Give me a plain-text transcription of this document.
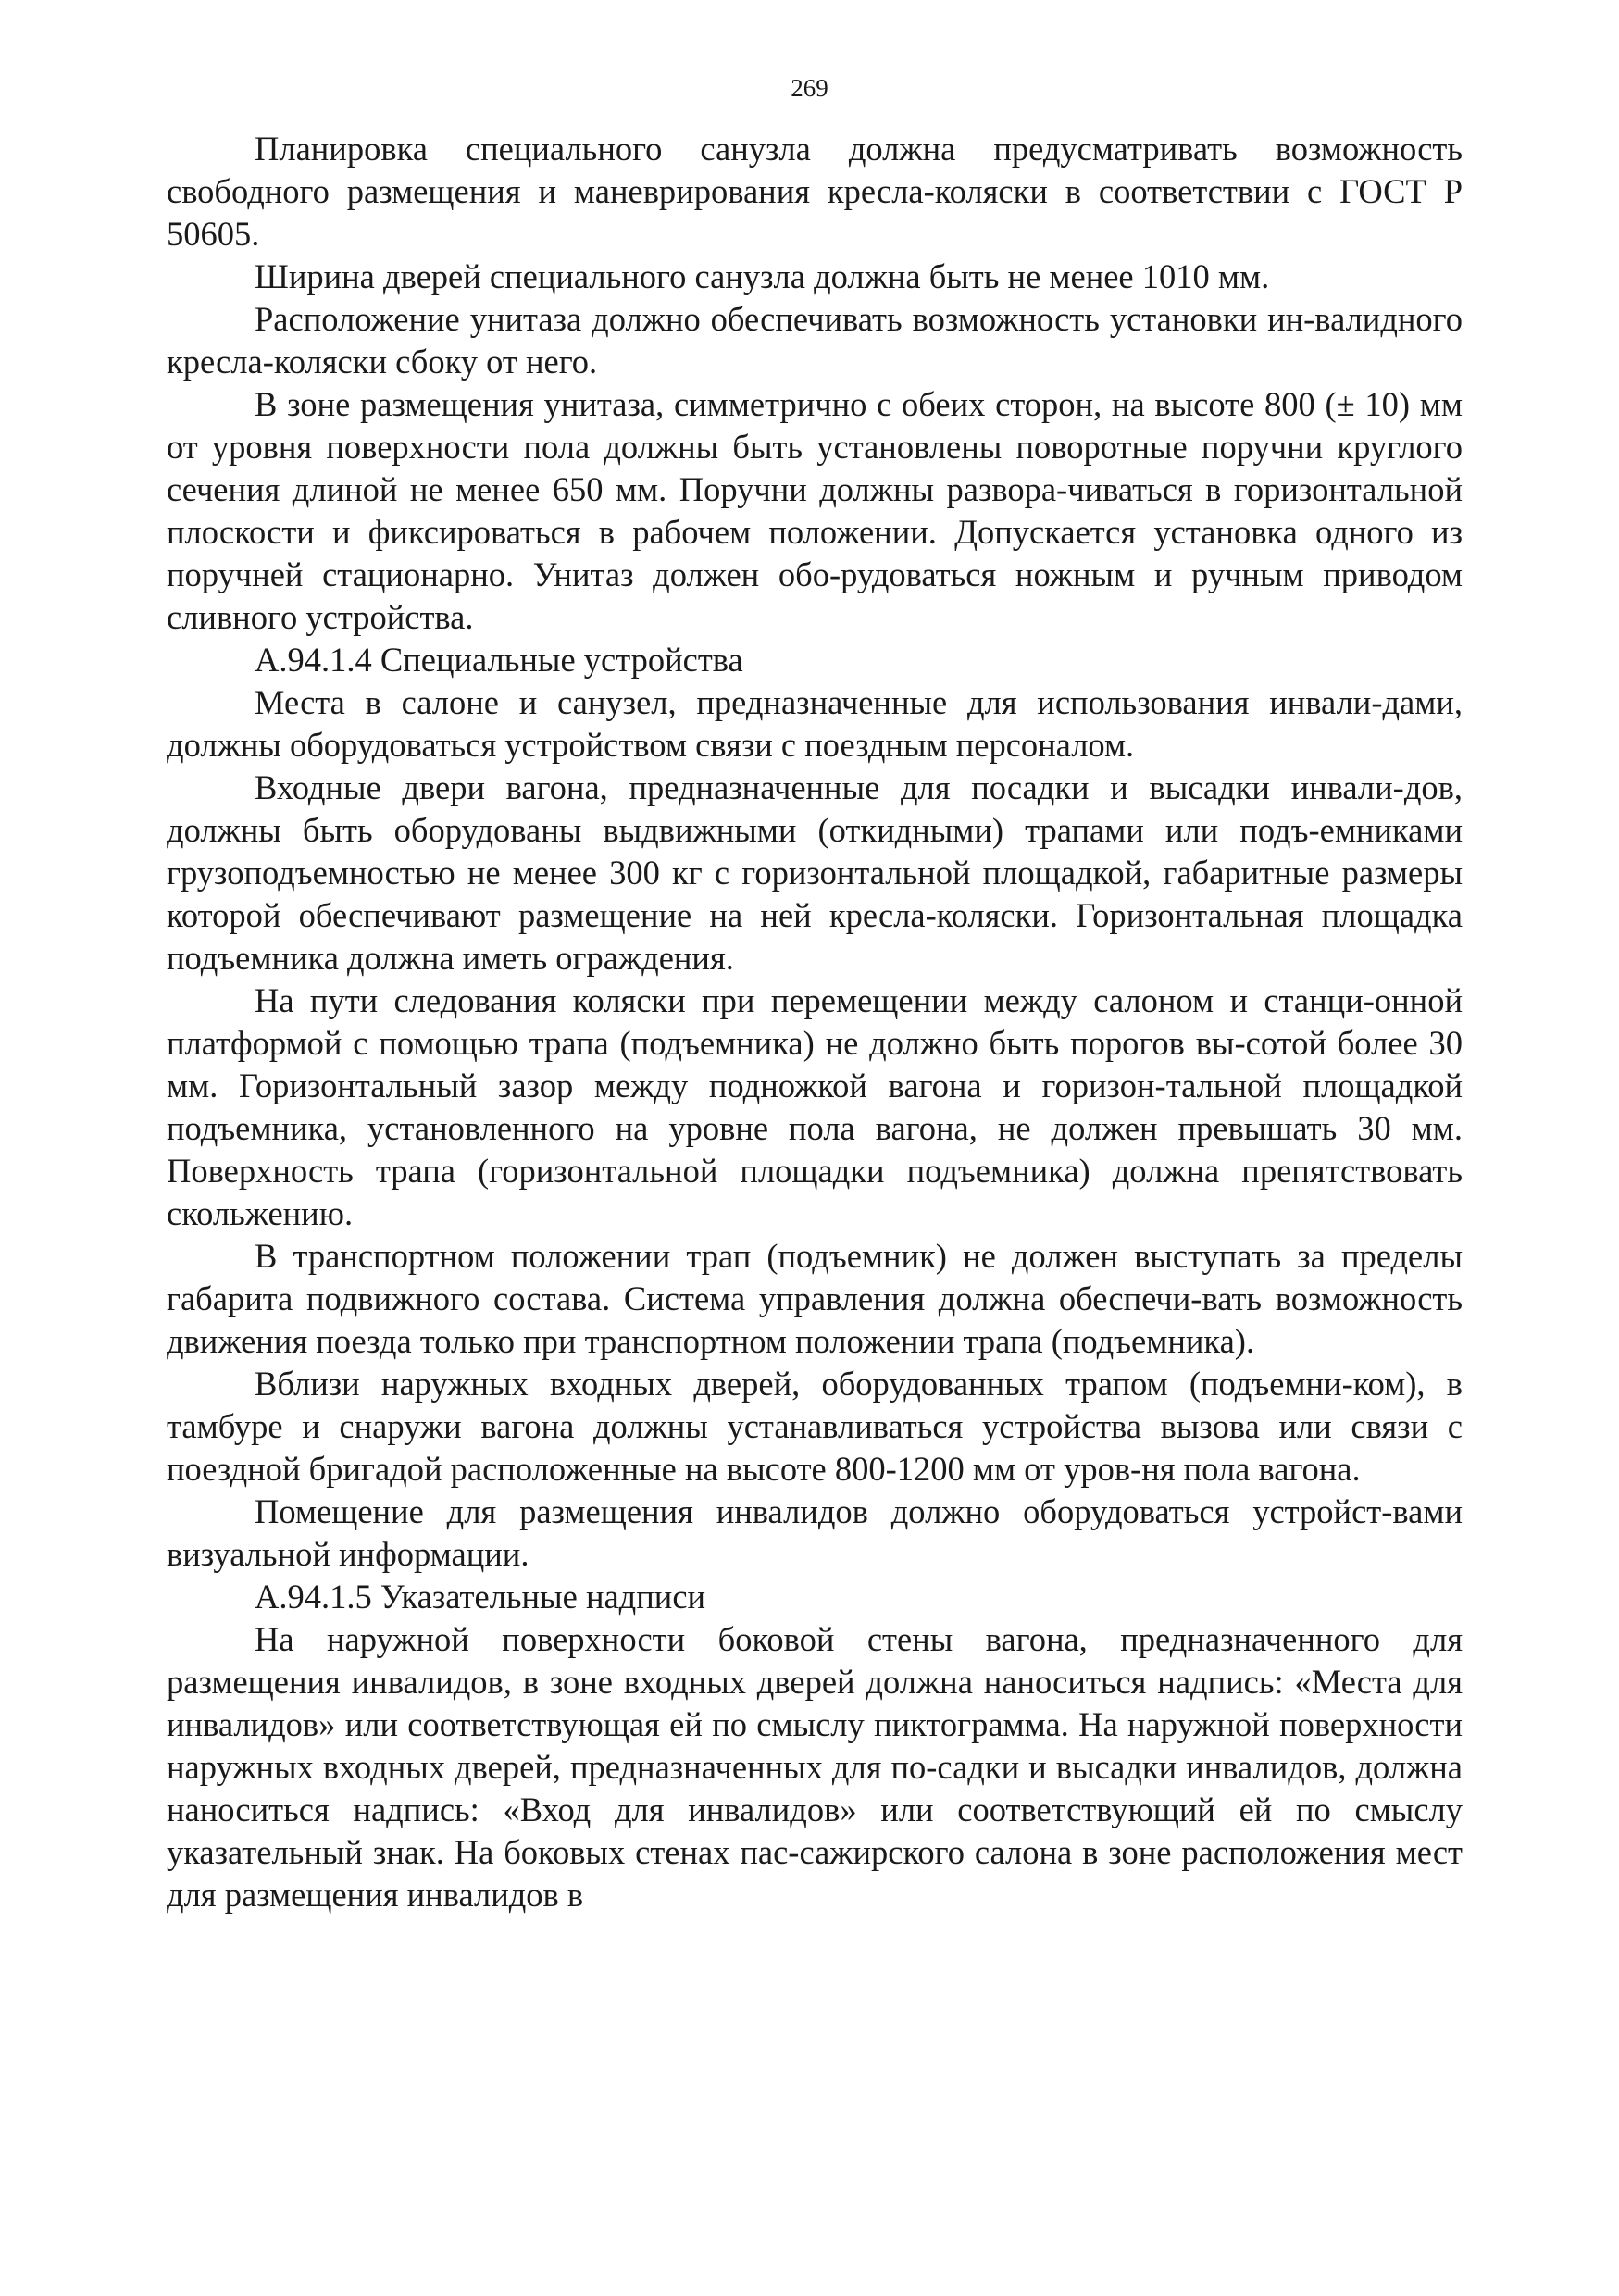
269

Планировка специального санузла должна предусматривать возможность свободного размещения и маневрирования кресла-коляски в соответствии с ГОСТ Р 50605.

Ширина дверей специального санузла должна быть не менее 1010 мм.

Расположение унитаза должно обеспечивать возможность установки ин-валидного кресла-коляски сбоку от него.

В зоне размещения унитаза, симметрично с обеих сторон, на высоте 800 (± 10) мм от уровня поверхности пола должны быть установлены поворотные поручни круглого сечения длиной не менее 650 мм. Поручни должны развора-чиваться в горизонтальной плоскости и фиксироваться в рабочем положении. Допускается установка одного из поручней стационарно. Унитаз должен обо-рудоваться ножным и ручным приводом сливного устройства.

А.94.1.4 Специальные устройства

Места в салоне и санузел, предназначенные для использования инвали-дами, должны оборудоваться устройством связи с поездным персоналом.

Входные двери вагона, предназначенные для посадки и высадки инвали-дов, должны быть оборудованы выдвижными (откидными) трапами или подъ-емниками грузоподъемностью не менее 300 кг с горизонтальной площадкой, габаритные размеры которой обеспечивают размещение на ней кресла-коляски. Горизонтальная площадка подъемника должна иметь ограждения.

На пути следования коляски при перемещении между салоном и станци-онной платформой с помощью трапа (подъемника) не должно быть порогов вы-сотой более 30 мм. Горизонтальный зазор между подножкой вагона и горизон-тальной площадкой подъемника, установленного на уровне пола вагона, не должен превышать 30 мм. Поверхность трапа (горизонтальной площадки подъемника) должна препятствовать скольжению.

В транспортном положении трап (подъемник) не должен выступать за пределы габарита подвижного состава. Система управления должна обеспечи-вать возможность движения поезда только при транспортном положении трапа (подъемника).

Вблизи наружных входных дверей, оборудованных трапом (подъемни-ком), в тамбуре и снаружи вагона должны устанавливаться устройства вызова или связи с поездной бригадой расположенные на высоте 800-1200 мм от уров-ня пола вагона.

Помещение для размещения инвалидов должно оборудоваться устройст-вами визуальной информации.

А.94.1.5 Указательные надписи

На наружной поверхности боковой стены вагона, предназначенного для размещения инвалидов, в зоне входных дверей должна наноситься надпись: «Места для инвалидов» или соответствующая ей по смыслу пиктограмма. На наружной поверхности наружных входных дверей, предназначенных для по-садки и высадки инвалидов, должна наноситься надпись: «Вход для инвалидов» или соответствующий ей по смыслу указательный знак. На боковых стенах пас-сажирского салона в зоне расположения мест для размещения инвалидов в
